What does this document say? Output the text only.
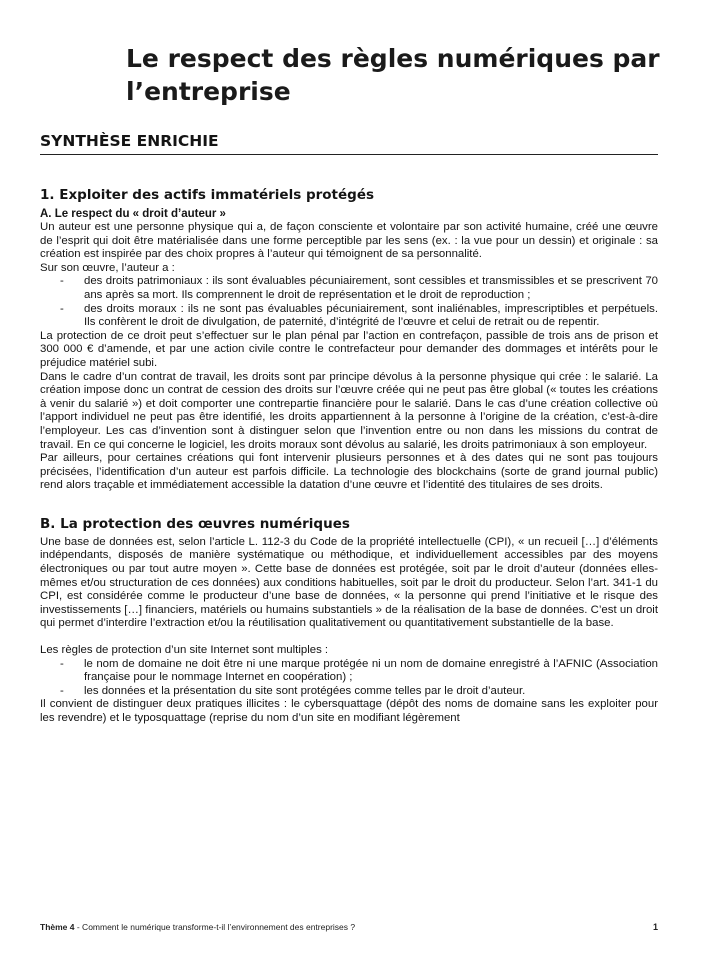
Le respect des règles numériques par l’entreprise
SYNTHÈSE ENRICHIE
1. Exploiter des actifs immatériels protégés
A. Le respect du « droit d’auteur »

Un auteur est une personne physique qui a, de façon consciente et volontaire par son activité humaine, créé une œuvre de l’esprit qui doit être matérialisée dans une forme perceptible par les sens (ex. : la vue pour un dessin) et originale : sa création est inspirée par des choix propres à l’auteur qui témoignent de sa personnalité.

Sur son œuvre, l’auteur a :

- des droits patrimoniaux : ils sont évaluables pécuniairement, sont cessibles et transmissibles et se prescrivent 70 ans après sa mort. Ils comprennent le droit de représentation et le droit de reproduction ;
- des droits moraux : ils ne sont pas évaluables pécuniairement, sont inaliénables, imprescriptibles et perpétuels. Ils confèrent le droit de divulgation, de paternité, d’intégrité de l’œuvre et celui de retrait ou de repentir.

La protection de ce droit peut s’effectuer sur le plan pénal par l’action en contrefaçon, passible de trois ans de prison et 300 000 € d’amende, et par une action civile contre le contrefacteur pour demander des dommages et intérêts pour le préjudice matériel subi.

Dans le cadre d’un contrat de travail, les droits sont par principe dévolus à la personne physique qui crée : le salarié. La création impose donc un contrat de cession des droits sur l’œuvre créée qui ne peut pas être global (« toutes les créations à venir du salarié ») et doit comporter une contrepartie financière pour le salarié. Dans le cas d’une création collective où l’apport individuel ne peut pas être identifié, les droits appartiennent à la personne à l’origine de la création, c’est-à-dire l’employeur. Les cas d’invention sont à distinguer selon que l’invention entre ou non dans les missions du contrat de travail. En ce qui concerne le logiciel, les droits moraux sont dévolus au salarié, les droits patrimoniaux à son employeur.

Par ailleurs, pour certaines créations qui font intervenir plusieurs personnes et à des dates qui ne sont pas toujours précisées, l’identification d’un auteur est parfois difficile. La technologie des blockchains (sorte de grand journal public) rend alors traçable et immédiatement accessible la datation d’une œuvre et l’identité des titulaires de ses droits.

B. La protection des œuvres numériques

Une base de données est, selon l’article L. 112-3 du Code de la propriété intellectuelle (CPI), « un recueil […] d’éléments indépendants, disposés de manière systématique ou méthodique, et individuellement accessibles par des moyens électroniques ou par tout autre moyen ». Cette base de données est protégée, soit par le droit d’auteur (données elles-mêmes et/ou structuration de ces données) aux conditions habituelles, soit par le droit du producteur. Selon l’art. 341-1 du CPI, est considérée comme le producteur d’une base de données, « la personne qui prend l’initiative et le risque des investissements […] financiers, matériels ou humains substantiels » de la réalisation de la base de données. C’est un droit qui permet d’interdire l’extraction et/ou la réutilisation qualitativement ou quantitativement substantielle de la base.

Les règles de protection d’un site Internet sont multiples :

- le nom de domaine ne doit être ni une marque protégée ni un nom de domaine enregistré à l’AFNIC (Association française pour le nommage Internet en coopération) ;
- les données et la présentation du site sont protégées comme telles par le droit d’auteur.

Il convient de distinguer deux pratiques illicites : le cybersquattage (dépôt des noms de domaine sans les exploiter pour les revendre) et le typosquattage (reprise du nom d’un site en modifiant légèrement

Thème 4 - Comment le numérique transforme-t-il l’environnement des entreprises ?	1
